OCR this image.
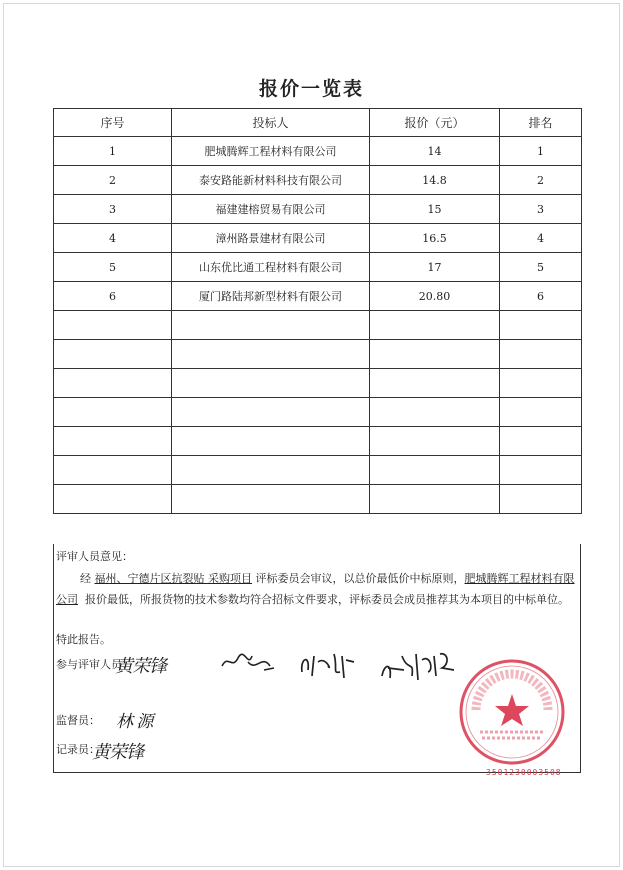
报价一览表
序号	投标人	报价（元）	排名
1	肥城腾辉工程材料有限公司	14	1
2	泰安路能新材料科技有限公司	14.8	2
3	福建建榕贸易有限公司	15	3
4	漳州路景建材有限公司	16.5	4
5	山东优比通工程材料有限公司	17	5
6	厦门路陆邦新型材料有限公司	20.80	6

评审人员意见：
经 福州、宁德片区抗裂贴 采购项目 评标委员会审议，以总价最低价中标原则，肥城腾辉工程材料有限公司 报价最低，所报货物的技术参数均符合招标文件要求，评标委员会成员推荐其为本项目的中标单位。
特此报告。
参与评审人员：
监督员：
记录员：
黄荣锋
林 源
黄荣锋
3501230003508
